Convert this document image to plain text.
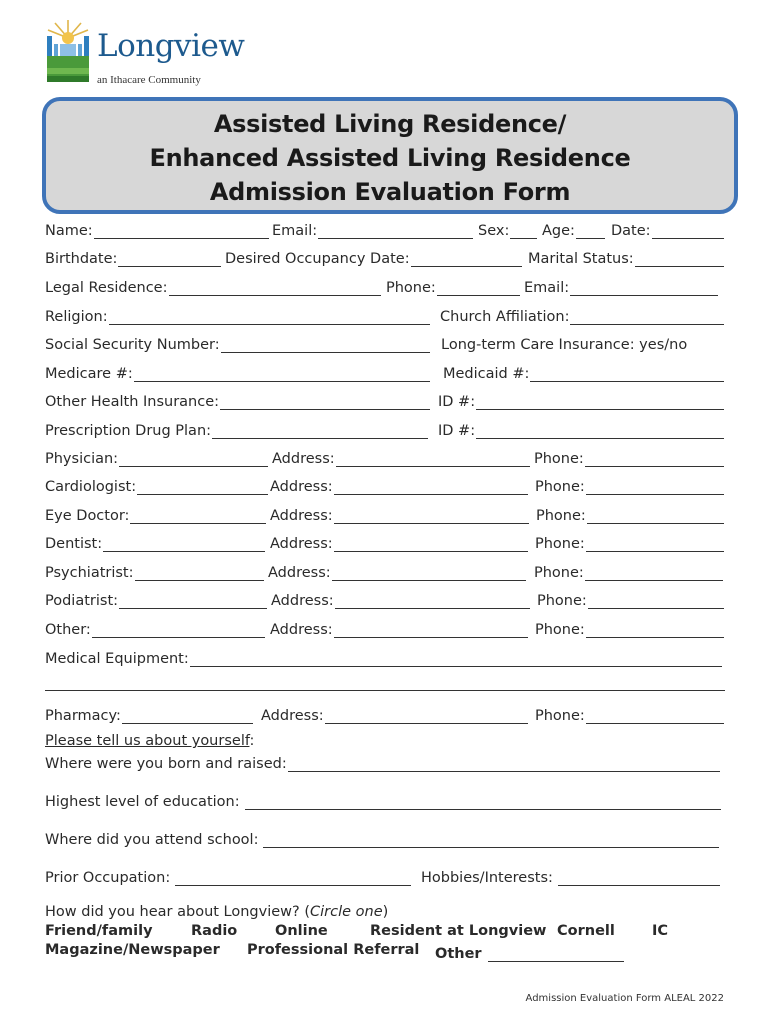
Longview
an Ithacare Community
Assisted Living Residence/
Enhanced Assisted Living Residence
Admission Evaluation Form
Name:	Email:	Sex: Age: Date:
Birthdate:	Desired Occupancy Date:	Marital Status:
Legal Residence:	Phone:	Email:
Religion:	Church Affiliation:
Social Security Number:	Long-term Care Insurance: yes/no
Medicare #:	Medicaid #:
Other Health Insurance:	ID #:
Prescription Drug Plan:	ID #:
Physician:	Address:	Phone:
Cardiologist:	Address:	Phone:
Eye Doctor:	Address:	Phone:
Dentist:	Address:	Phone:
Psychiatrist:	Address:	Phone:
Podiatrist:	Address:	Phone:
Other:	Address:	Phone:
Medical Equipment:
Pharmacy:	Address:	Phone:
Please tell us about yourself:
Where were you born and raised:
Highest level of education:
Where did you attend school:
Prior Occupation:	Hobbies/Interests:
How did you hear about Longview? (Circle one)
Friend/family	Radio	Online	Resident at Longview Cornell	IC
Magazine/Newspaper Professional Referral Other
Admission Evaluation Form ALEAL 2022
